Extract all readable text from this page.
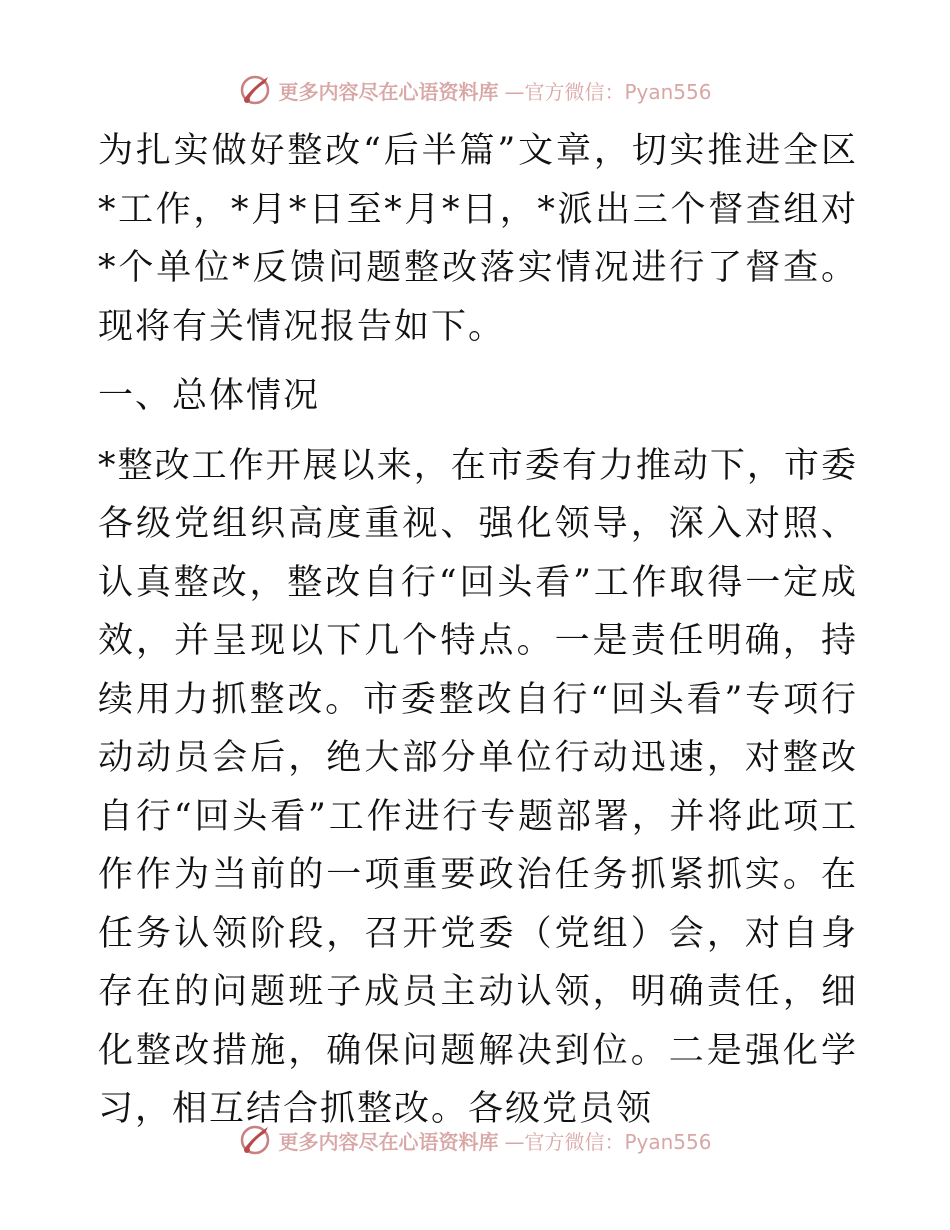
更多内容尽在心语资料库 —官方微信：Pyan556

为扎实做好整改“后半篇”文章，切实推进全区*工作，*月*日至*月*日，*派出三个督查组对*个单位*反馈问题整改落实情况进行了督查。现将有关情况报告如下。

一、总体情况

*整改工作开展以来，在市委有力推动下，市委各级党组织高度重视、强化领导，深入对照、认真整改，整改自行“回头看”工作取得一定成效，并呈现以下几个特点。一是责任明确，持续用力抓整改。市委整改自行“回头看”专项行动动员会后，绝大部分单位行动迅速，对整改自行“回头看”工作进行专题部署，并将此项工作作为当前的一项重要政治任务抓紧抓实。在任务认领阶段，召开党委（党组）会，对自身存在的问题班子成员主动认领，明确责任，细化整改措施，确保问题解决到位。二是强化学习，相互结合抓整改。各级党员领

更多内容尽在心语资料库 —官方微信：Pyan556
